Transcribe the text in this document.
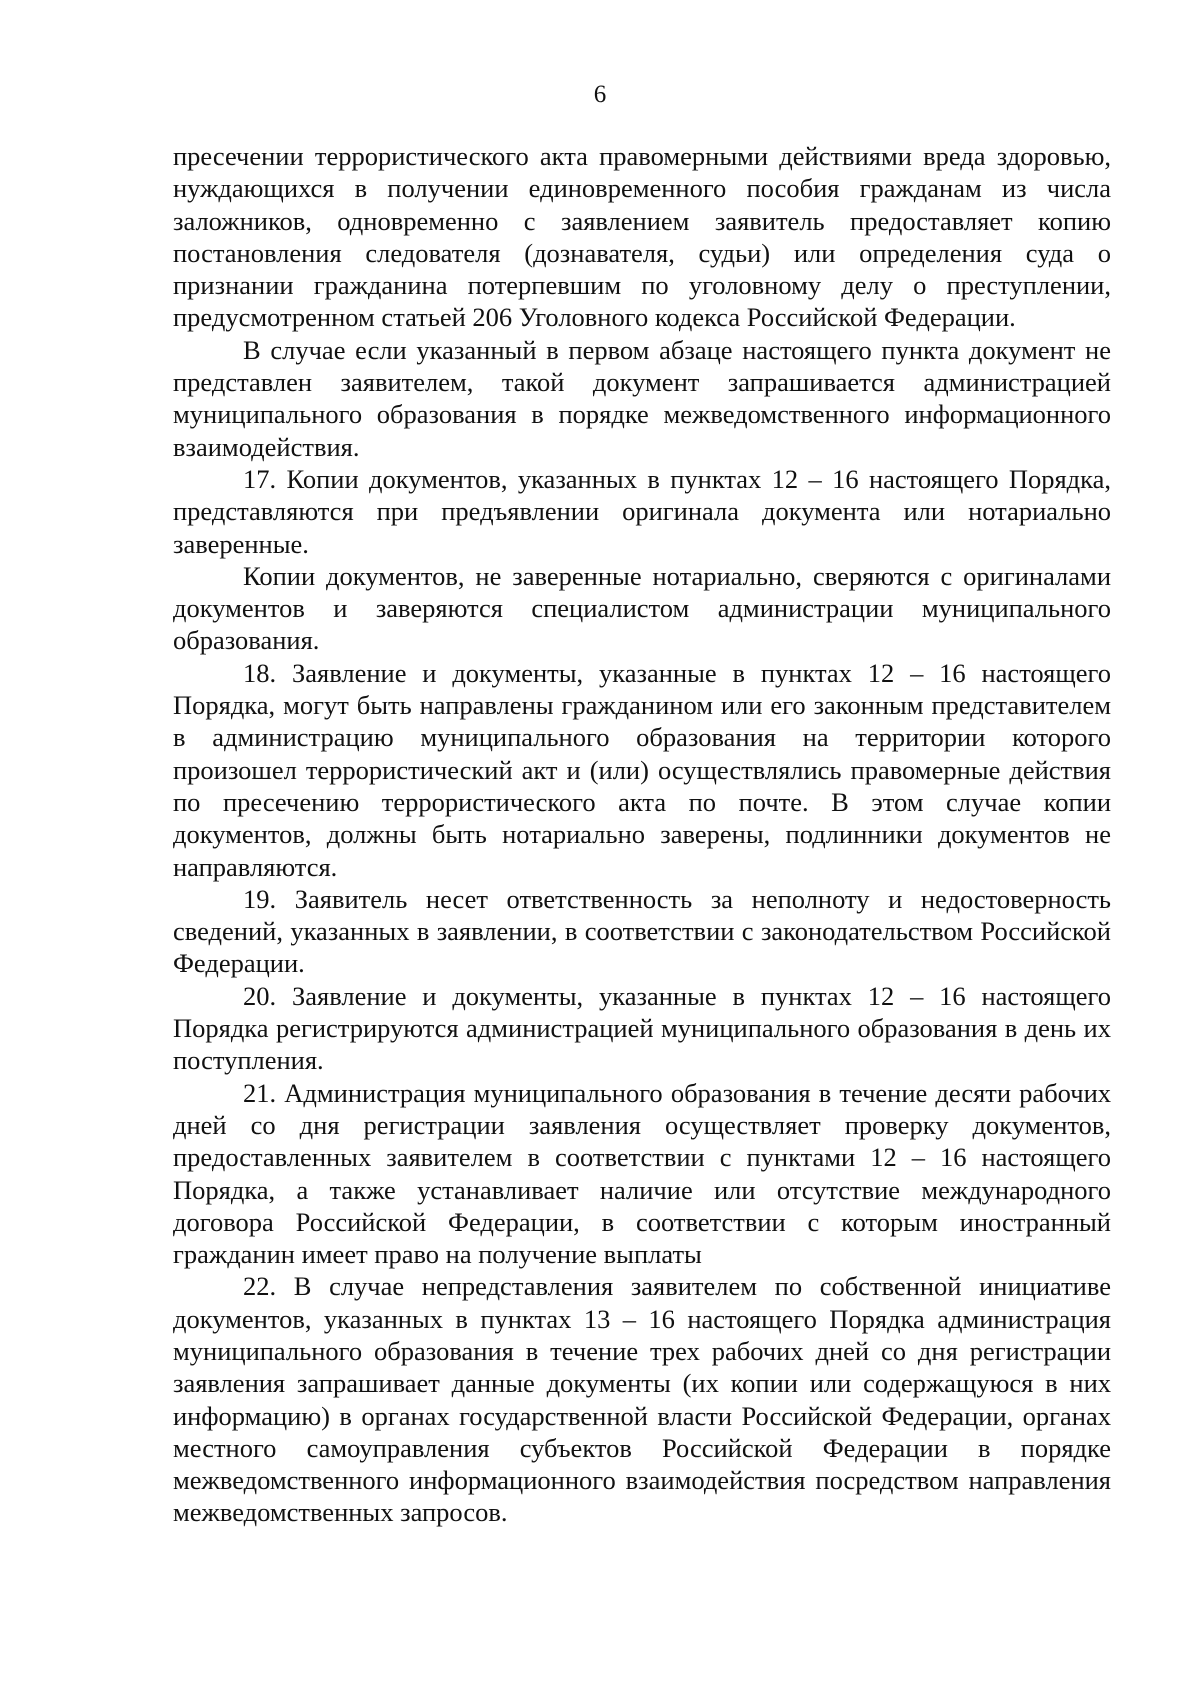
6

пресечении террористического акта правомерными действиями вреда здоровью, нуждающихся в получении единовременного пособия гражданам из числа заложников, одновременно с заявлением заявитель предоставляет копию постановления следователя (дознавателя, судьи) или определения суда о признании гражданина потерпевшим по уголовному делу о преступлении, предусмотренном статьей 206 Уголовного кодекса Российской Федерации.

В случае если указанный в первом абзаце настоящего пункта документ не представлен заявителем, такой документ запрашивается администрацией муниципального образования в порядке межведомственного информационного взаимодействия.

17. Копии документов, указанных в пунктах 12 – 16 настоящего Порядка, представляются при предъявлении оригинала документа или нотариально заверенные.

Копии документов, не заверенные нотариально, сверяются с оригиналами документов и заверяются специалистом администрации муниципального образования.

18. Заявление и документы, указанные в пунктах 12 – 16 настоящего Порядка, могут быть направлены гражданином или его законным представителем в администрацию муниципального образования на территории которого произошел террористический акт и (или) осуществлялись правомерные действия по пресечению террористического акта по почте. В этом случае копии документов, должны быть нотариально заверены, подлинники документов не направляются.

19. Заявитель несет ответственность за неполноту и недостоверность сведений, указанных в заявлении, в соответствии с законодательством Российской Федерации.

20. Заявление и документы, указанные в пунктах 12 – 16 настоящего Порядка регистрируются администрацией муниципального образования в день их поступления.

21. Администрация муниципального образования в течение десяти рабочих дней со дня регистрации заявления осуществляет проверку документов, предоставленных заявителем в соответствии с пунктами 12 – 16 настоящего Порядка, а также устанавливает наличие или отсутствие международного договора Российской Федерации, в соответствии с которым иностранный гражданин имеет право на получение выплаты

22. В случае непредставления заявителем по собственной инициативе документов, указанных в пунктах 13 – 16 настоящего Порядка администрация муниципального образования в течение трех рабочих дней со дня регистрации заявления запрашивает данные документы (их копии или содержащуюся в них информацию) в органах государственной власти Российской Федерации, органах местного самоуправления субъектов Российской Федерации в порядке межведомственного информационного взаимодействия посредством направления межведомственных запросов.
